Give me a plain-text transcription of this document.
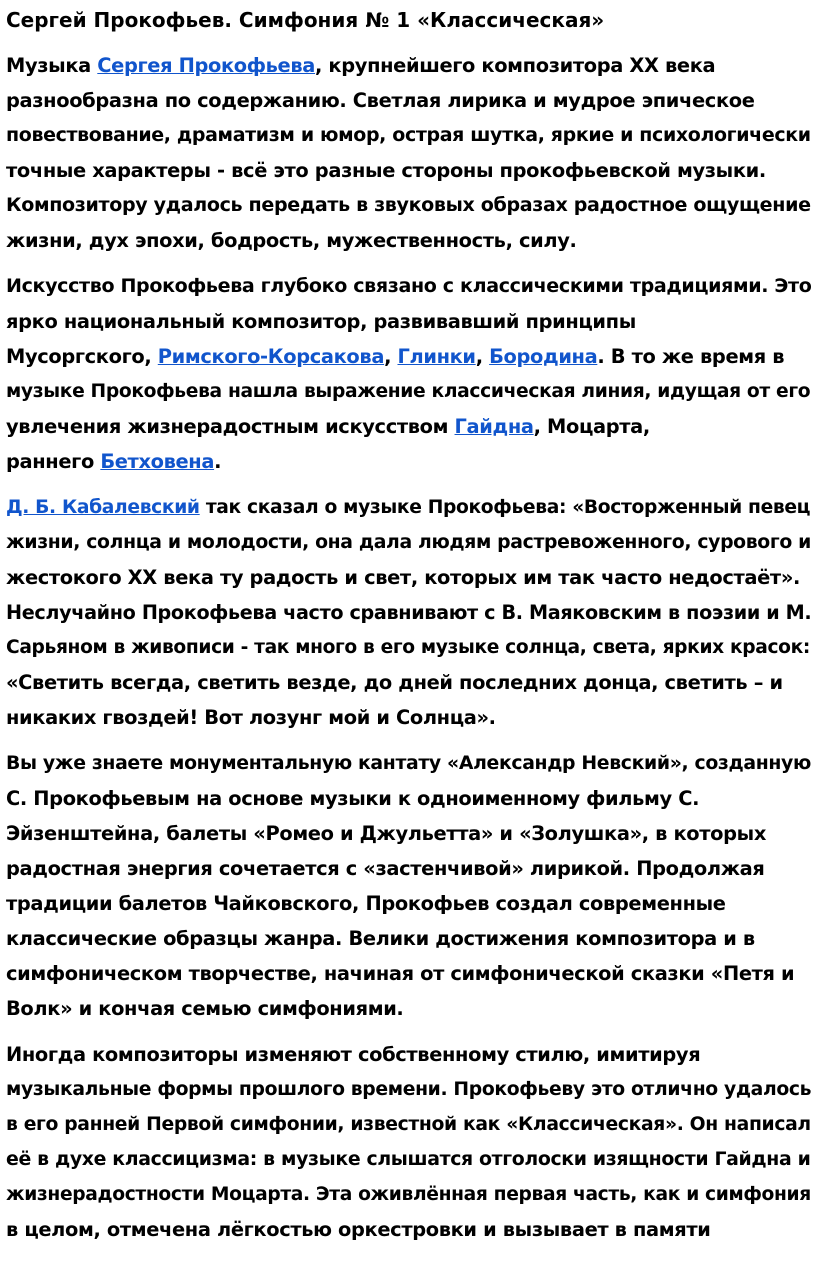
Сергей Прокофьев. Симфония № 1 «Классическая»

Музыка Сергея Прокофьева, крупнейшего композитора XX века
разнообразна по содержанию. Светлая лирика и мудрое эпическое
повествование, драматизм и юмор, острая шутка, яркие и психологически
точные характеры - всё это разные стороны прокофьевской музыки.
Композитору удалось передать в звуковых образах радостное ощущение
жизни, дух эпохи, бодрость, мужественность, силу.

Искусство Прокофьева глубоко связано с классическими традициями. Это
ярко национальный композитор, развивавший принципы
Мусоргского, Римского-Корсакова, Глинки, Бородина. В то же время в
музыке Прокофьева нашла выражение классическая линия, идущая от его
увлечения жизнерадостным искусством Гайдна, Моцарта,
раннего Бетховена.

Д. Б. Кабалевский так сказал о музыке Прокофьева: «Восторженный певец
жизни, солнца и молодости, она дала людям растревоженного, сурового и
жестокого XX века ту радость и свет, которых им так часто недостаёт».
Неслучайно Прокофьева часто сравнивают с В. Маяковским в поэзии и М.
Сарьяном в живописи - так много в его музыке солнца, света, ярких красок:
«Светить всегда, светить везде, до дней последних донца, светить – и
никаких гвоздей! Вот лозунг мой и Солнца».

Вы уже знаете монументальную кантату «Александр Невский», созданную
С. Прокофьевым на основе музыки к одноименному фильму С.
Эйзенштейна, балеты «Ромео и Джульетта» и «Золушка», в которых
радостная энергия сочетается с «застенчивой» лирикой. Продолжая
традиции балетов Чайковского, Прокофьев создал современные
классические образцы жанра. Велики достижения композитора и в
симфоническом творчестве, начиная от симфонической сказки «Петя и
Волк» и кончая семью симфониями.

Иногда композиторы изменяют собственному стилю, имитируя
музыкальные формы прошлого времени. Прокофьеву это отлично удалось
в его ранней Первой симфонии, известной как «Классическая». Он написал
её в духе классицизма: в музыке слышатся отголоски изящности Гайдна и
жизнерадостности Моцарта. Эта оживлённая первая часть, как и симфония
в целом, отмечена лёгкостью оркестровки и вызывает в памяти
